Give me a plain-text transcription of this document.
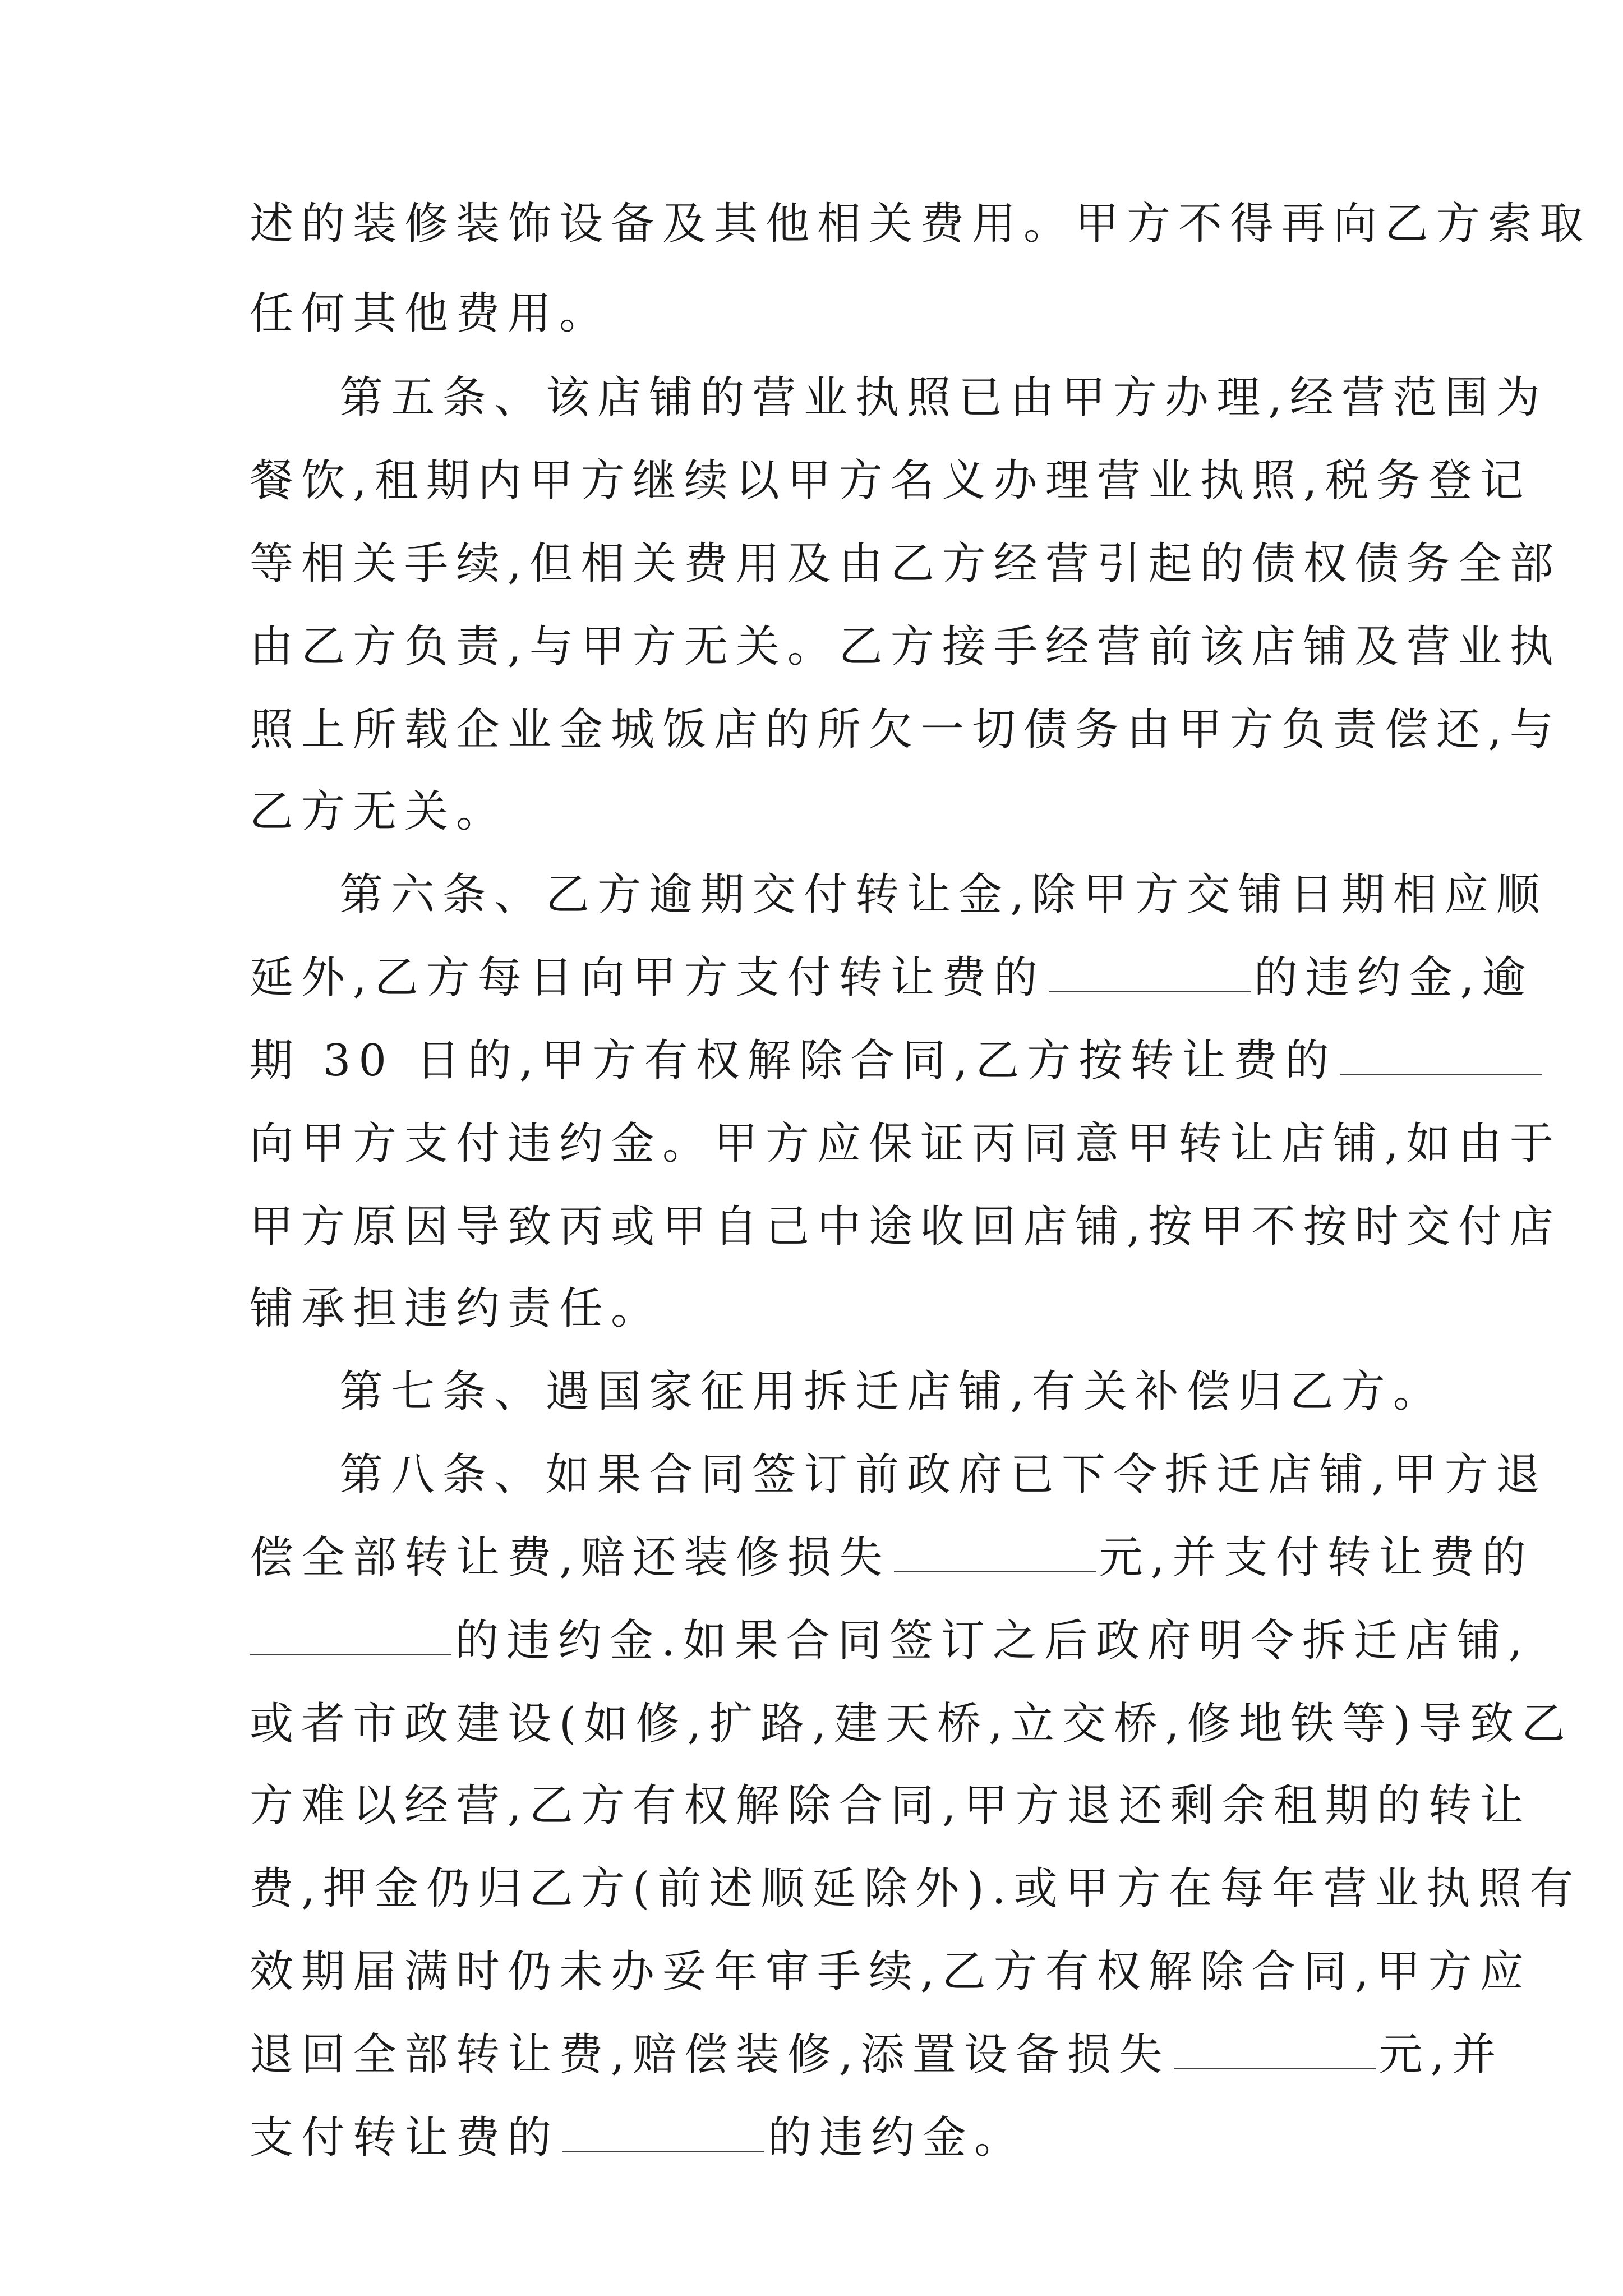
述的装修装饰设备及其他相关费用。甲方不得再向乙方索取
任何其他费用。
第五条、该店铺的营业执照已由甲方办理,经营范围为
餐饮,租期内甲方继续以甲方名义办理营业执照,税务登记
等相关手续,但相关费用及由乙方经营引起的债权债务全部
由乙方负责,与甲方无关。乙方接手经营前该店铺及营业执
照上所载企业金城饭店的所欠一切债务由甲方负责偿还,与
乙方无关。
第六条、乙方逾期交付转让金,除甲方交铺日期相应顺
延外,乙方每日向甲方支付转让费的	的违约金,逾
期 30 日的,甲方有权解除合同,乙方按转让费的
向甲方支付违约金。甲方应保证丙同意甲转让店铺,如由于
甲方原因导致丙或甲自己中途收回店铺,按甲不按时交付店
铺承担违约责任。
第七条、遇国家征用拆迁店铺,有关补偿归乙方。
第八条、如果合同签订前政府已下令拆迁店铺,甲方退
偿全部转让费,赔还装修损失	元,并支付转让费的
的违约金.如果合同签订之后政府明令拆迁店铺,
或者市政建设(如修,扩路,建天桥,立交桥,修地铁等)导致乙
方难以经营,乙方有权解除合同,甲方退还剩余租期的转让
费,押金仍归乙方(前述顺延除外).或甲方在每年营业执照有
效期届满时仍未办妥年审手续,乙方有权解除合同,甲方应
退回全部转让费,赔偿装修,添置设备损失	元,并
支付转让费的	的违约金。
